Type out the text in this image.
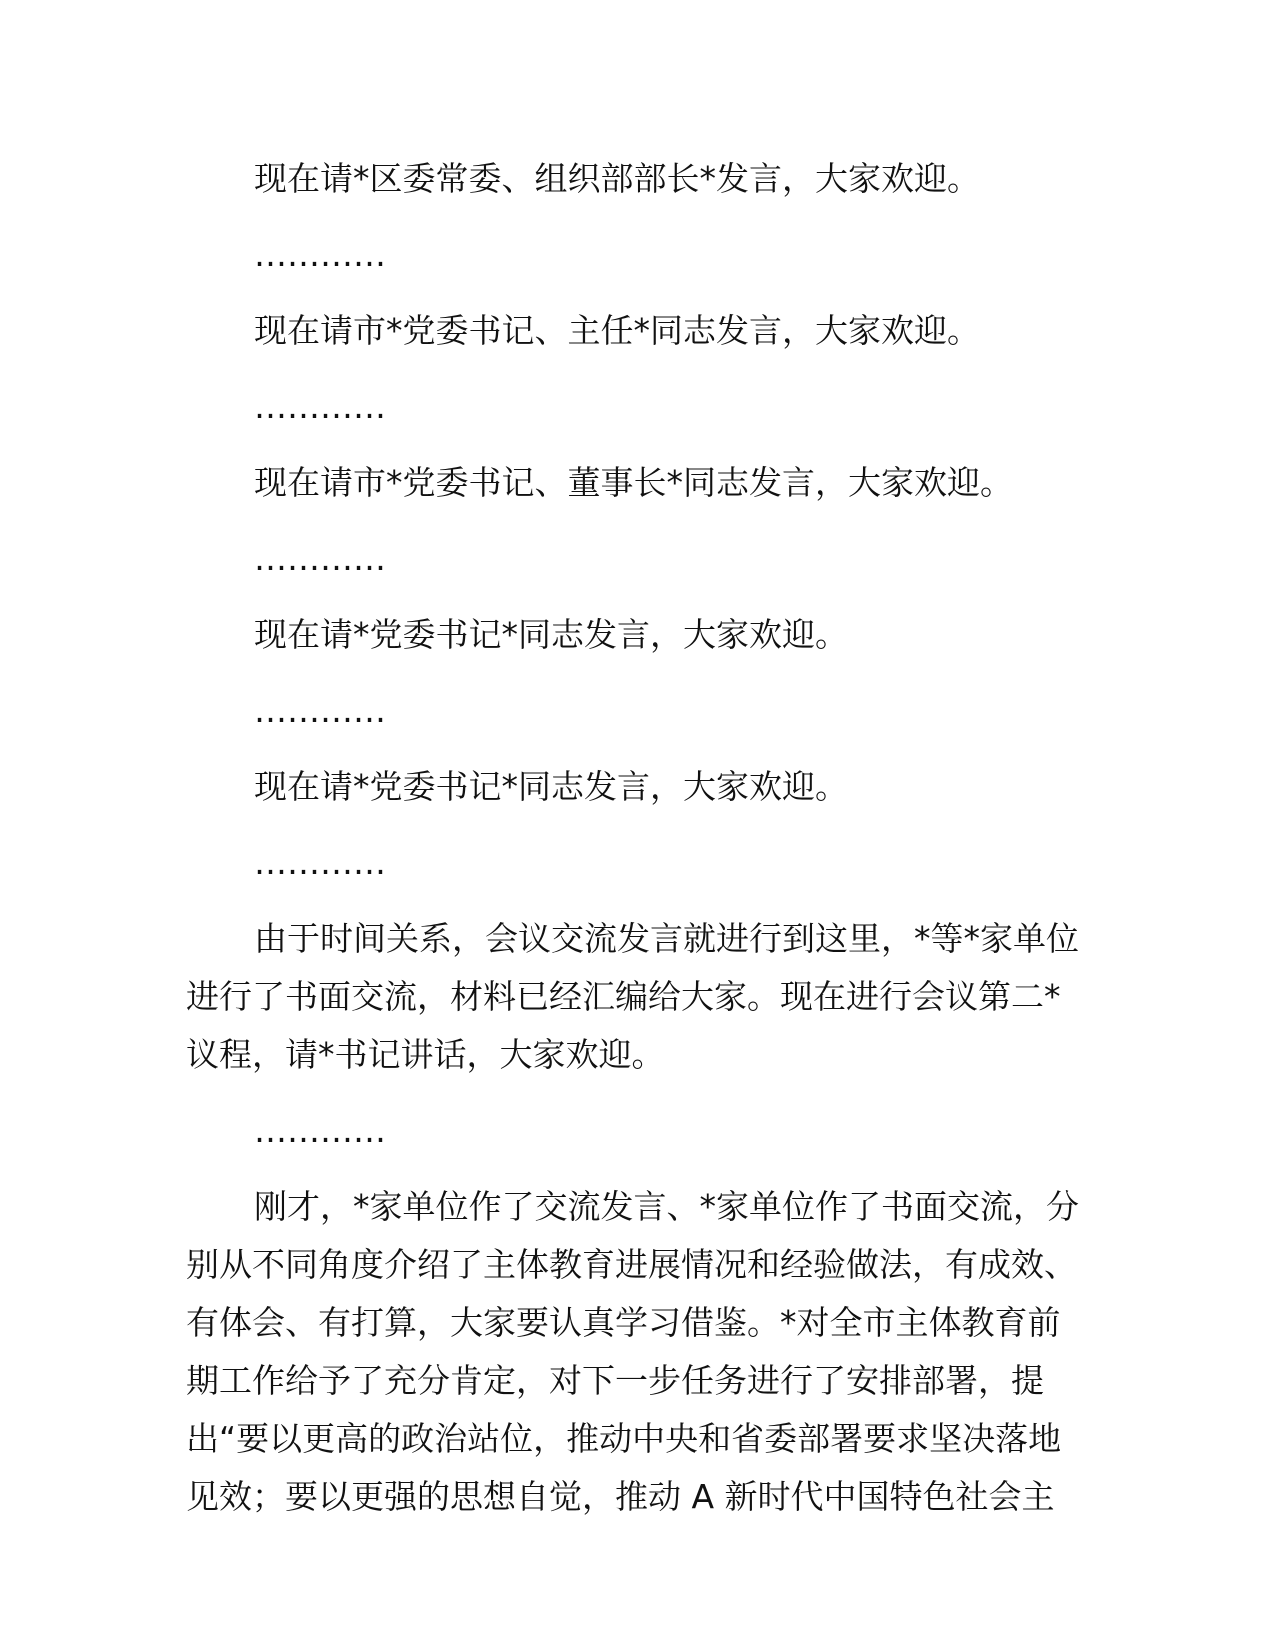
现在请*区委常委、组织部部长*发言，大家欢迎。

…………

现在请市*党委书记、主任*同志发言，大家欢迎。

…………

现在请市*党委书记、董事长*同志发言，大家欢迎。

…………

现在请*党委书记*同志发言，大家欢迎。

…………

现在请*党委书记*同志发言，大家欢迎。

…………

由于时间关系，会议交流发言就进行到这里，*等*家单位

进行了书面交流，材料已经汇编给大家。现在进行会议第二*

议程，请*书记讲话，大家欢迎。

…………

刚才，*家单位作了交流发言、*家单位作了书面交流，分

别从不同角度介绍了主体教育进展情况和经验做法，有成效、

有体会、有打算，大家要认真学习借鉴。*对全市主体教育前

期工作给予了充分肯定，对下一步任务进行了安排部署，提

出“要以更高的政治站位，推动中央和省委部署要求坚决落地

见效；要以更强的思想自觉，推动 A 新时代中国特色社会主
